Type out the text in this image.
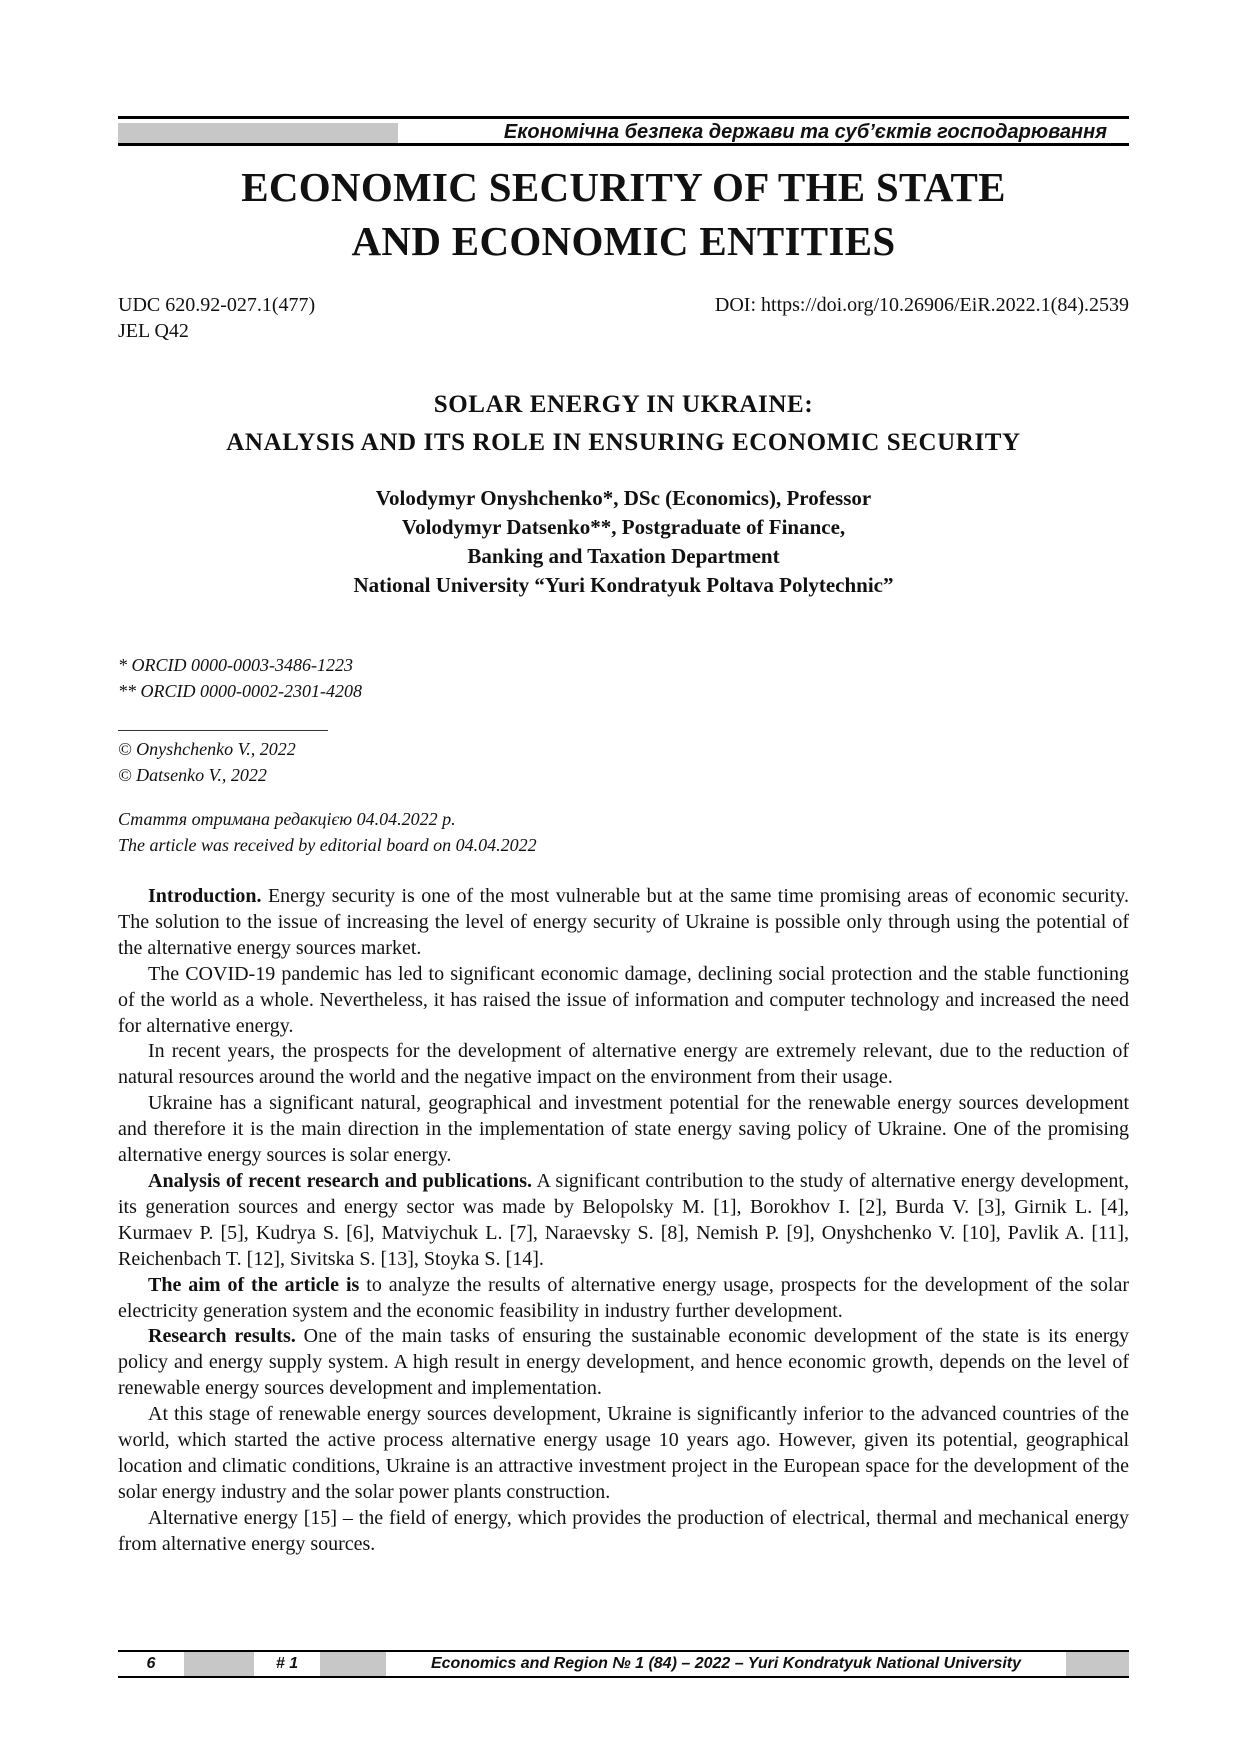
Економічна безпека держави та суб’єктів господарювання
ECONOMIC SECURITY OF THE STATE
AND ECONOMIC ENTITIES
UDC 620.92-027.1(477)
JEL Q42
DOI: https://doi.org/10.26906/EiR.2022.1(84).2539
SOLAR ENERGY IN UKRAINE:
ANALYSIS AND ITS ROLE IN ENSURING ECONOMIC SECURITY
Volodymyr Onyshchenko*, DSc (Economics), Professor
Volodymyr Datsenko**, Postgraduate of Finance,
Banking and Taxation Department
National University “Yuri Kondratyuk Poltava Polytechnic”
* ORCID 0000-0003-3486-1223
** ORCID 0000-0002-2301-4208
© Onyshchenko V., 2022
© Datsenko V., 2022
Стаття отримана редакцією 04.04.2022 р.
The article was received by editorial board on 04.04.2022

Introduction. Energy security is one of the most vulnerable but at the same time promising areas of economic security. The solution to the issue of increasing the level of energy security of Ukraine is possible only through using the potential of the alternative energy sources market.

The COVID-19 pandemic has led to significant economic damage, declining social protection and the stable functioning of the world as a whole. Nevertheless, it has raised the issue of information and computer technology and increased the need for alternative energy.

In recent years, the prospects for the development of alternative energy are extremely relevant, due to the reduction of natural resources around the world and the negative impact on the environment from their usage.

Ukraine has a significant natural, geographical and investment potential for the renewable energy sources development and therefore it is the main direction in the implementation of state energy saving policy of Ukraine. One of the promising alternative energy sources is solar energy.

Analysis of recent research and publications. A significant contribution to the study of alternative energy development, its generation sources and energy sector was made by Belopolsky M. [1], Borokhov I. [2], Burda V. [3], Girnik L. [4], Kurmaev P. [5], Kudrya S. [6], Matviychuk L. [7], Naraevsky S. [8], Nemish P. [9], Onyshchenko V. [10], Pavlik A. [11], Reichenbach T. [12], Sivitska S. [13], Stoyka S. [14].

The aim of the article is to analyze the results of alternative energy usage, prospects for the development of the solar electricity generation system and the economic feasibility in industry further development.

Research results. One of the main tasks of ensuring the sustainable economic development of the state is its energy policy and energy supply system. A high result in energy development, and hence economic growth, depends on the level of renewable energy sources development and implementation.

At this stage of renewable energy sources development, Ukraine is significantly inferior to the advanced countries of the world, which started the active process alternative energy usage 10 years ago. However, given its potential, geographical location and climatic conditions, Ukraine is an attractive investment project in the European space for the development of the solar energy industry and the solar power plants construction.

Alternative energy [15] – the field of energy, which provides the production of electrical, thermal and mechanical energy from alternative energy sources.

6	# 1	Economics and Region № 1 (84) – 2022 – Yuri Kondratyuk National University
